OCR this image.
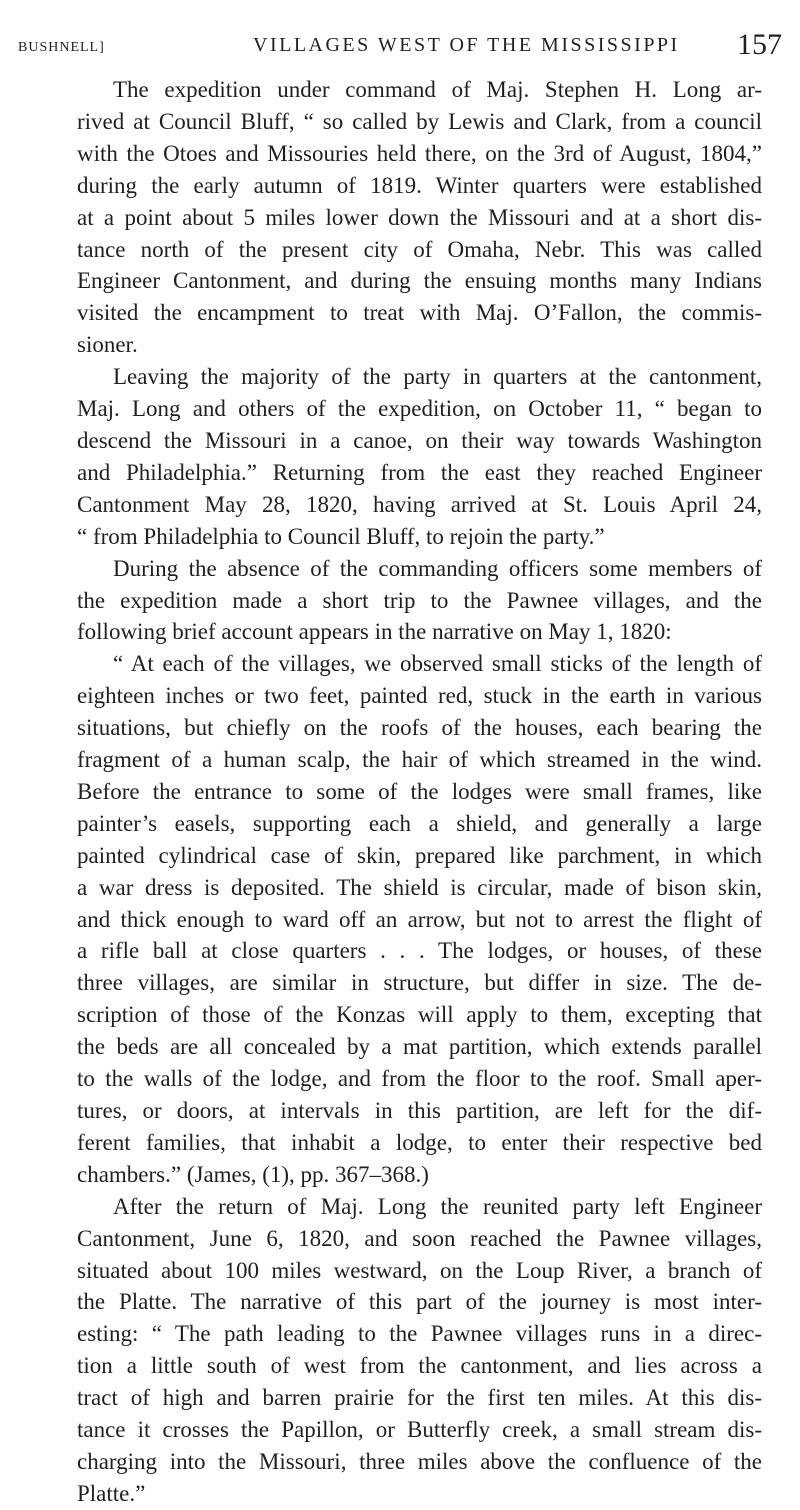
BUSHNELL]	VILLAGES WEST OF THE MISSISSIPPI 157
The expedition under command of Maj. Stephen H. Long ar-
rived at Council Bluff, “ so called by Lewis and Clark, from a council
with the Otoes and Missouries held there, on the 3rd of August, 1804,”
during the early autumn of 1819. Winter quarters were established
at a point about 5 miles lower down the Missouri and at a short dis-
tance north of the present city of Omaha, Nebr. This was called
Engineer Cantonment, and during the ensuing months many Indians
visited the encampment to treat with Maj. O’Fallon, the commis-
sioner.
Leaving the majority of the party in quarters at the cantonment,
Maj. Long and others of the expedition, on October 11, “ began to
descend the Missouri in a canoe, on their way towards Washington
and Philadelphia.” Returning from the east they reached Engineer
Cantonment May 28, 1820, having arrived at St. Louis April 24,
“ from Philadelphia to Council Bluff, to rejoin the party.”
During the absence of the commanding officers some members of
the expedition made a short trip to the Pawnee villages, and the
following brief account appears in the narrative on May 1, 1820:
“ At each of the villages, we observed small sticks of the length of
eighteen inches or two feet, painted red, stuck in the earth in various
situations, but chiefly on the roofs of the houses, each bearing the
fragment of a human scalp, the hair of which streamed in the wind.
Before the entrance to some of the lodges were small frames, like
painter’s easels, supporting each a shield, and generally a large
painted cylindrical case of skin, prepared like parchment, in which
a war dress is deposited. The shield is circular, made of bison skin,
and thick enough to ward off an arrow, but not to arrest the flight of
a rifle ball at close quarters . . . The lodges, or houses, of these
three villages, are similar in structure, but differ in size. The de-
scription of those of the Konzas will apply to them, excepting that
the beds are all concealed by a mat partition, which extends parallel
to the walls of the lodge, and from the floor to the roof. Small aper-
tures, or doors, at intervals in this partition, are left for the dif-
ferent families, that inhabit a lodge, to enter their respective bed
chambers.” (James, (1), pp. 367–368.)
After the return of Maj. Long the reunited party left Engineer
Cantonment, June 6, 1820, and soon reached the Pawnee villages,
situated about 100 miles westward, on the Loup River, a branch of
the Platte. The narrative of this part of the journey is most inter-
esting: “ The path leading to the Pawnee villages runs in a direc-
tion a little south of west from the cantonment, and lies across a
tract of high and barren prairie for the first ten miles. At this dis-
tance it crosses the Papillon, or Butterfly creek, a small stream dis-
charging into the Missouri, three miles above the confluence of the
Platte.”
